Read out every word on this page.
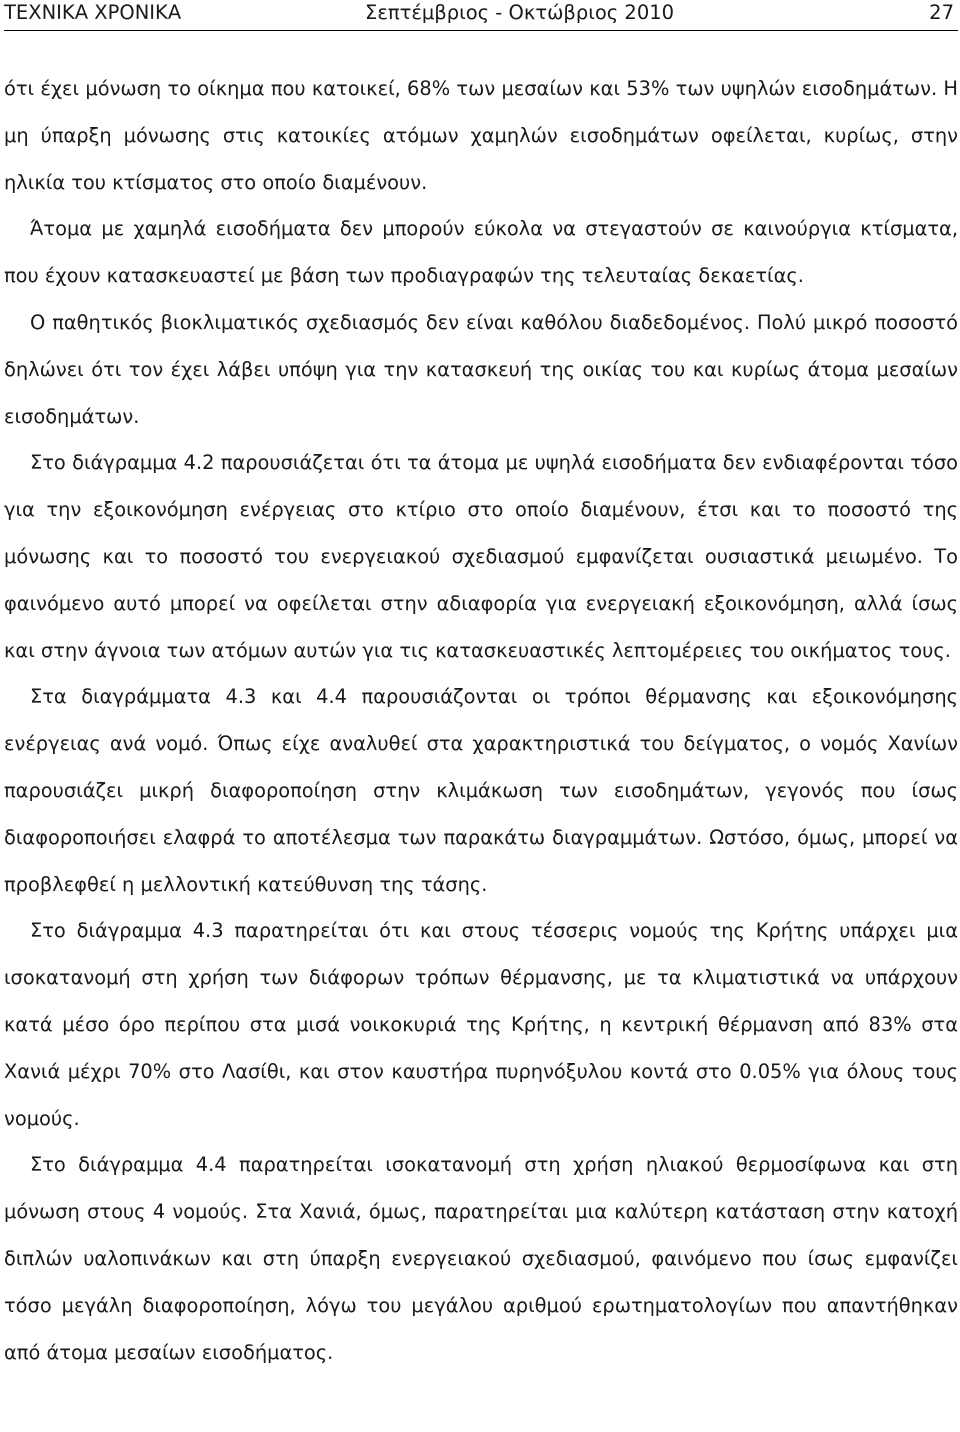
ΤΕΧΝΙΚΑ ΧΡΟΝΙΚΑ	Σεπτέμβριος - Οκτώβριος 2010	27

ότι έχει μόνωση το οίκημα που κατοικεί, 68% των μεσαίων και 53% των υψηλών εισοδημάτων. Η μη ύπαρξη μόνωσης στις κατοικίες ατόμων χαμηλών εισοδημάτων οφείλεται, κυρίως, στην ηλικία του κτίσματος στο οποίο διαμένουν.

Άτομα με χαμηλά εισοδήματα δεν μπορούν εύκολα να στεγαστούν σε καινούργια κτίσματα, που έχουν κατασκευαστεί με βάση των προδιαγραφών της τελευταίας δεκαετίας.

Ο παθητικός βιοκλιματικός σχεδιασμός δεν είναι καθόλου διαδεδομένος. Πολύ μικρό ποσοστό δηλώνει ότι τον έχει λάβει υπόψη για την κατασκευή της οικίας του και κυρίως άτομα μεσαίων εισοδημάτων.

Στο διάγραμμα 4.2 παρουσιάζεται ότι τα άτομα με υψηλά εισοδήματα δεν ενδιαφέρονται τόσο για την εξοικονόμηση ενέργειας στο κτίριο στο οποίο διαμένουν, έτσι και το ποσοστό της μόνωσης και το ποσοστό του ενεργειακού σχεδιασμού εμφανίζεται ουσιαστικά μειωμένο. Το φαινόμενο αυτό μπορεί να οφείλεται στην αδιαφορία για ενεργειακή εξοικονόμηση, αλλά ίσως και στην άγνοια των ατόμων αυτών για τις κατασκευαστικές λεπτομέρειες του οικήματος τους.

Στα διαγράμματα 4.3 και 4.4 παρουσιάζονται οι τρόποι θέρμανσης και εξοικονόμησης ενέργειας ανά νομό. Όπως είχε αναλυθεί στα χαρακτηριστικά του δείγματος, ο νομός Χανίων παρουσιάζει μικρή διαφοροποίηση στην κλιμάκωση των εισοδημάτων, γεγονός που ίσως διαφοροποιήσει ελαφρά το αποτέλεσμα των παρακάτω διαγραμμάτων. Ωστόσο, όμως, μπορεί να προβλεφθεί η μελλοντική κατεύθυνση της τάσης.

Στο διάγραμμα 4.3 παρατηρείται ότι και στους τέσσερις νομούς της Κρήτης υπάρχει μια ισοκατανομή στη χρήση των διάφορων τρόπων θέρμανσης, με τα κλιματιστικά να υπάρχουν κατά μέσο όρο περίπου στα μισά νοικοκυριά της Κρήτης, η κεντρική θέρμανση από 83% στα Χανιά μέχρι 70% στο Λασίθι, και στον καυστήρα πυρηνόξυλου κοντά στο 0.05% για όλους τους νομούς.

Στο διάγραμμα 4.4 παρατηρείται ισοκατανομή στη χρήση ηλιακού θερμοσίφωνα και στη μόνωση στους 4 νομούς. Στα Χανιά, όμως, παρατηρείται μια καλύτερη κατάσταση στην κατοχή διπλών υαλοπινάκων και στη ύπαρξη ενεργειακού σχεδιασμού, φαινόμενο που ίσως εμφανίζει τόσο μεγάλη διαφοροποίηση, λόγω του μεγάλου αριθμού ερωτηματολογίων που απαντήθηκαν από άτομα μεσαίων εισοδήματος.
